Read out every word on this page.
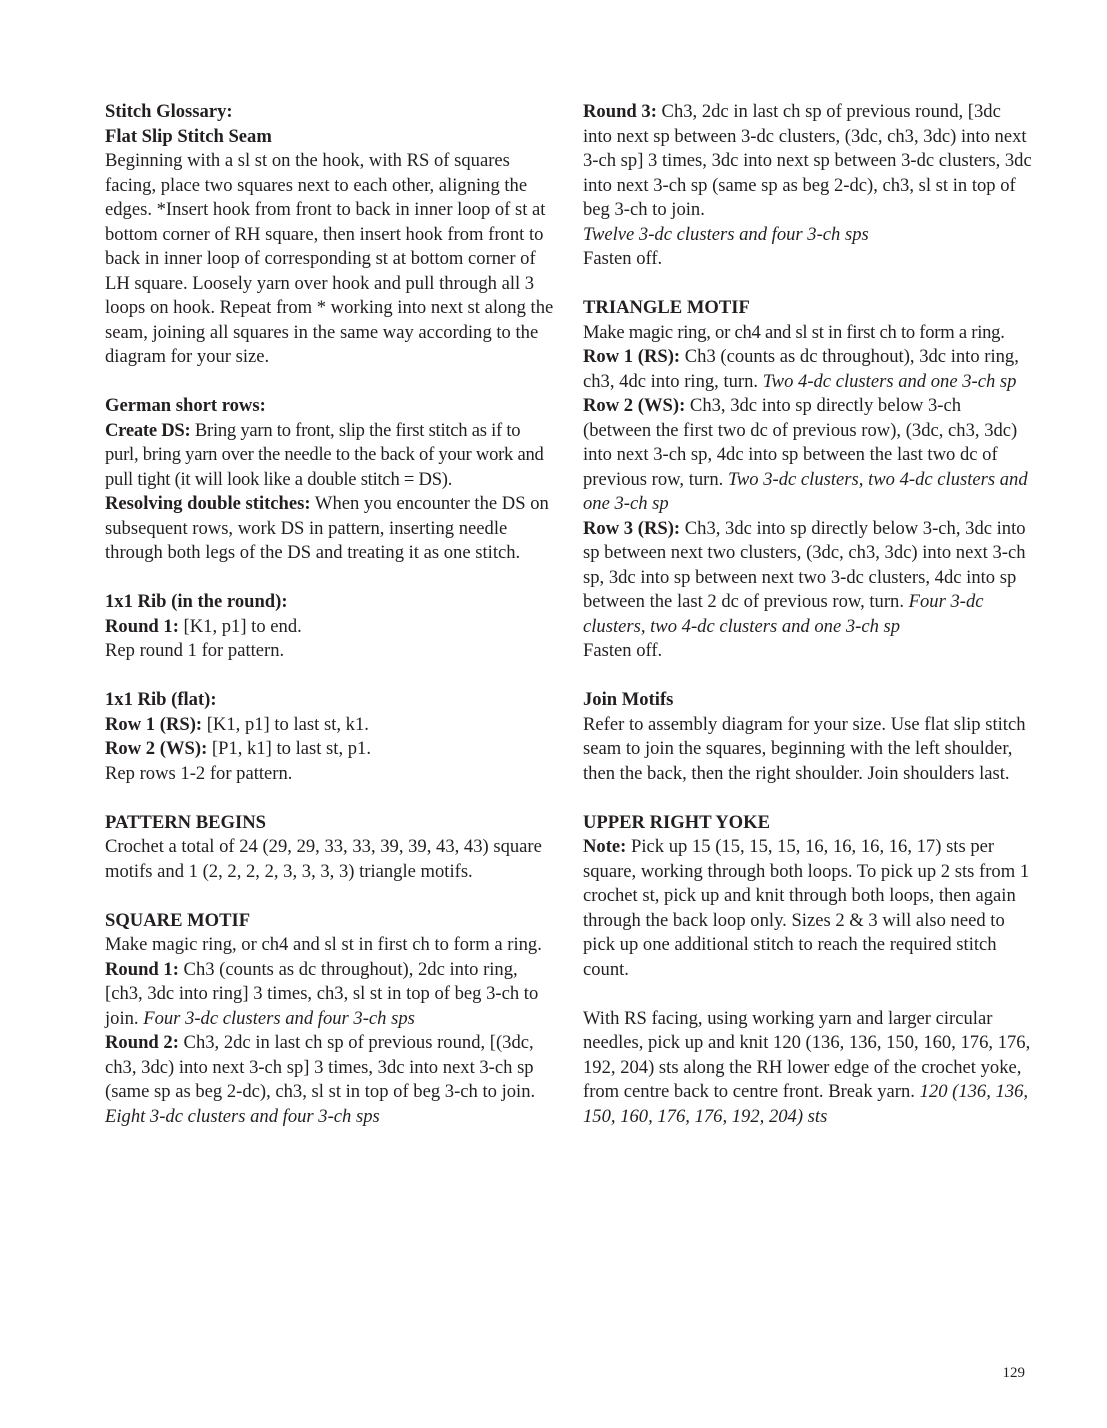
Stitch Glossary:

Flat Slip Stitch Seam

Beginning with a sl st on the hook, with RS of squares facing, place two squares next to each other, aligning the edges. *Insert hook from front to back in inner loop of st at bottom corner of RH square, then insert hook from front to back in inner loop of corresponding st at bottom corner of LH square. Loosely yarn over hook and pull through all 3 loops on hook. Repeat from * working into next st along the seam, joining all squares in the same way according to the diagram for your size.

German short rows:

Create DS: Bring yarn to front, slip the first stitch as if to purl, bring yarn over the needle to the back of your work and pull tight (it will look like a double stitch = DS).

Resolving double stitches: When you encounter the DS on subsequent rows, work DS in pattern, inserting needle through both legs of the DS and treating it as one stitch.

1x1 Rib (in the round):

Round 1: [K1, p1] to end.

Rep round 1 for pattern.

1x1 Rib (flat):

Row 1 (RS): [K1, p1] to last st, k1.

Row 2 (WS): [P1, k1] to last st, p1.

Rep rows 1-2 for pattern.

PATTERN BEGINS

Crochet a total of 24 (29, 29, 33, 33, 39, 39, 43, 43) square motifs and 1 (2, 2, 2, 2, 3, 3, 3, 3) triangle motifs.

SQUARE MOTIF

Make magic ring, or ch4 and sl st in first ch to form a ring.

Round 1: Ch3 (counts as dc throughout), 2dc into ring, [ch3, 3dc into ring] 3 times, ch3, sl st in top of beg 3-ch to join. Four 3-dc clusters and four 3-ch sps

Round 2: Ch3, 2dc in last ch sp of previous round, [(3dc, ch3, 3dc) into next 3-ch sp] 3 times, 3dc into next 3-ch sp (same sp as beg 2-dc), ch3, sl st in top of beg 3-ch to join. Eight 3-dc clusters and four 3-ch sps

Round 3: Ch3, 2dc in last ch sp of previous round, [3dc into next sp between 3-dc clusters, (3dc, ch3, 3dc) into next 3-ch sp] 3 times, 3dc into next sp between 3-dc clusters, 3dc into next 3-ch sp (same sp as beg 2-dc), ch3, sl st in top of beg 3-ch to join.

Twelve 3-dc clusters and four 3-ch sps

Fasten off.

TRIANGLE MOTIF

Make magic ring, or ch4 and sl st in first ch to form a ring.

Row 1 (RS): Ch3 (counts as dc throughout), 3dc into ring, ch3, 4dc into ring, turn. Two 4-dc clusters and one 3-ch sp

Row 2 (WS): Ch3, 3dc into sp directly below 3-ch (between the first two dc of previous row), (3dc, ch3, 3dc) into next 3-ch sp, 4dc into sp between the last two dc of previous row, turn. Two 3-dc clusters, two 4-dc clusters and one 3-ch sp

Row 3 (RS): Ch3, 3dc into sp directly below 3-ch, 3dc into sp between next two clusters, (3dc, ch3, 3dc) into next 3-ch sp, 3dc into sp between next two 3-dc clusters, 4dc into sp between the last 2 dc of previous row, turn. Four 3-dc clusters, two 4-dc clusters and one 3-ch sp

Fasten off.

Join Motifs

Refer to assembly diagram for your size. Use flat slip stitch seam to join the squares, beginning with the left shoulder, then the back, then the right shoulder. Join shoulders last.

UPPER RIGHT YOKE

Note: Pick up 15 (15, 15, 15, 16, 16, 16, 16, 17) sts per square, working through both loops. To pick up 2 sts from 1 crochet st, pick up and knit through both loops, then again through the back loop only. Sizes 2 & 3 will also need to pick up one additional stitch to reach the required stitch count.

With RS facing, using working yarn and larger circular needles, pick up and knit 120 (136, 136, 150, 160, 176, 176, 192, 204) sts along the RH lower edge of the crochet yoke, from centre back to centre front. Break yarn. 120 (136, 136, 150, 160, 176, 176, 192, 204) sts

129
